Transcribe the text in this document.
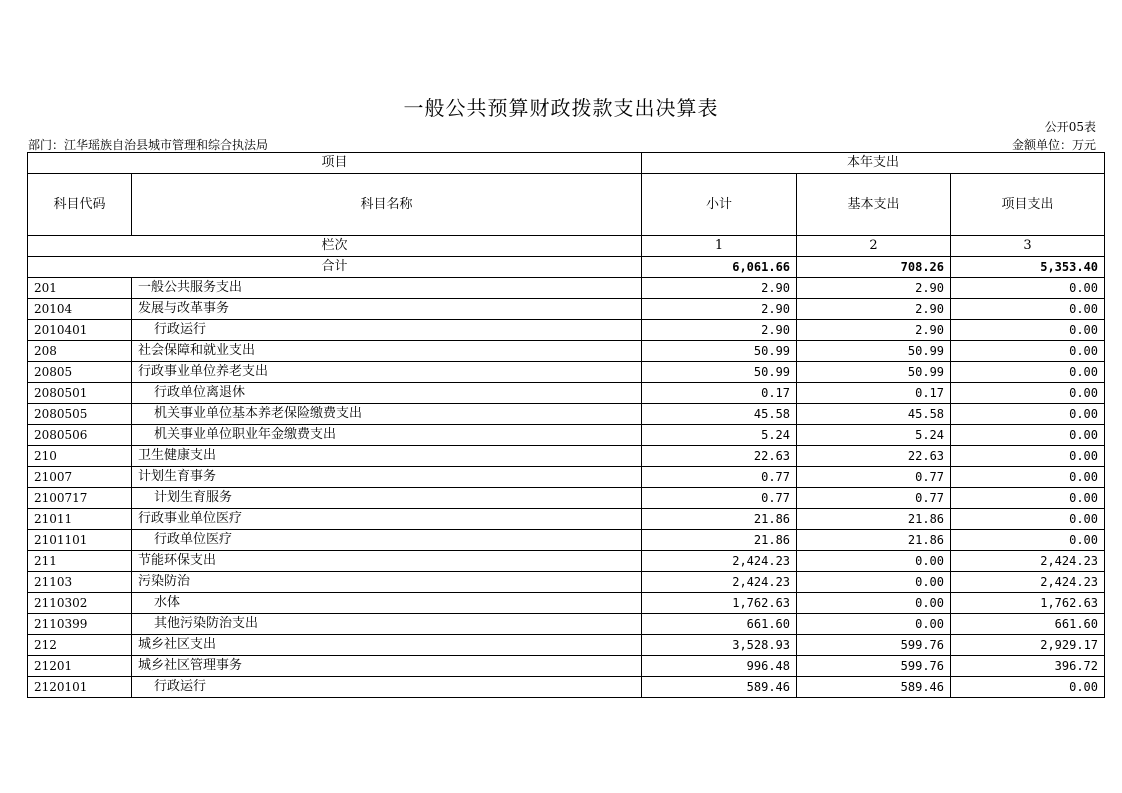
一般公共预算财政拨款支出决算表
公开05表
部门：江华瑶族自治县城市管理和综合执法局	金额单位：万元
项目		本年支出		
科目代码	科目名称	小计	基本支出	项目支出
栏次		1	2	3
合计		6,061.66	708.26	5,353.40
201	一般公共服务支出	2.90	2.90	0.00
20104	发展与改革事务	2.90	2.90	0.00
2010401	行政运行	2.90	2.90	0.00
208	社会保障和就业支出	50.99	50.99	0.00
20805	行政事业单位养老支出	50.99	50.99	0.00
2080501	行政单位离退休	0.17	0.17	0.00
2080505	机关事业单位基本养老保险缴费支出	45.58	45.58	0.00
2080506	机关事业单位职业年金缴费支出	5.24	5.24	0.00
210	卫生健康支出	22.63	22.63	0.00
21007	计划生育事务	0.77	0.77	0.00
2100717	计划生育服务	0.77	0.77	0.00
21011	行政事业单位医疗	21.86	21.86	0.00
2101101	行政单位医疗	21.86	21.86	0.00
211	节能环保支出	2,424.23	0.00	2,424.23
21103	污染防治	2,424.23	0.00	2,424.23
2110302	水体	1,762.63	0.00	1,762.63
2110399	其他污染防治支出	661.60	0.00	661.60
212	城乡社区支出	3,528.93	599.76	2,929.17
21201	城乡社区管理事务	996.48	599.76	396.72
2120101	行政运行	589.46	589.46	0.00
